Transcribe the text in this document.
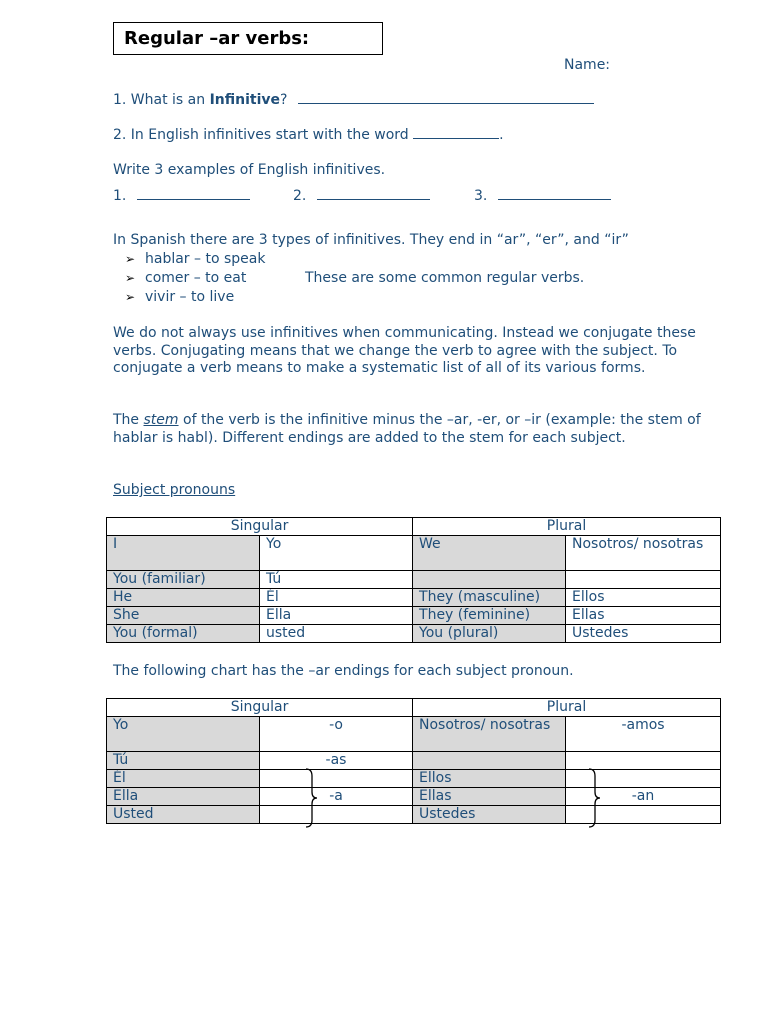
Regular –ar verbs:
Name:
1. What is an Infinitive?
2. In English infinitives start with the word	.
Write 3 examples of English infinitives.
1.	2.	3.
In Spanish there are 3 types of infinitives. They end in “ar”, “er”, and “ir”
➢ hablar – to speak
➢ comer – to eat
➢ vivir – to live
These are some common regular verbs.
We do not always use infinitives when communicating. Instead we conjugate these verbs. Conjugating means that we change the verb to agree with the subject. To conjugate a verb means to make a systematic list of all of its various forms.
The stem of the verb is the infinitive minus the –ar, -er, or –ir (example: the stem of hablar is habl). Different endings are added to the stem for each subject.
Subject pronouns
Singular		Plural	
I	Yo	We	Nosotros/ nosotras
You (familiar)	Tú		
He	Él	They (masculine)	Ellos
She	Ella	They (feminine)	Ellas
You (formal)	usted	You (plural)	Ustedes
The following chart has the –ar endings for each subject pronoun.
Singular		Plural	
Yo	-o	Nosotros/ nosotras	-amos
Tú	-as		
Él		Ellos	
Ella	-a	Ellas	-an
Usted		Ustedes	
